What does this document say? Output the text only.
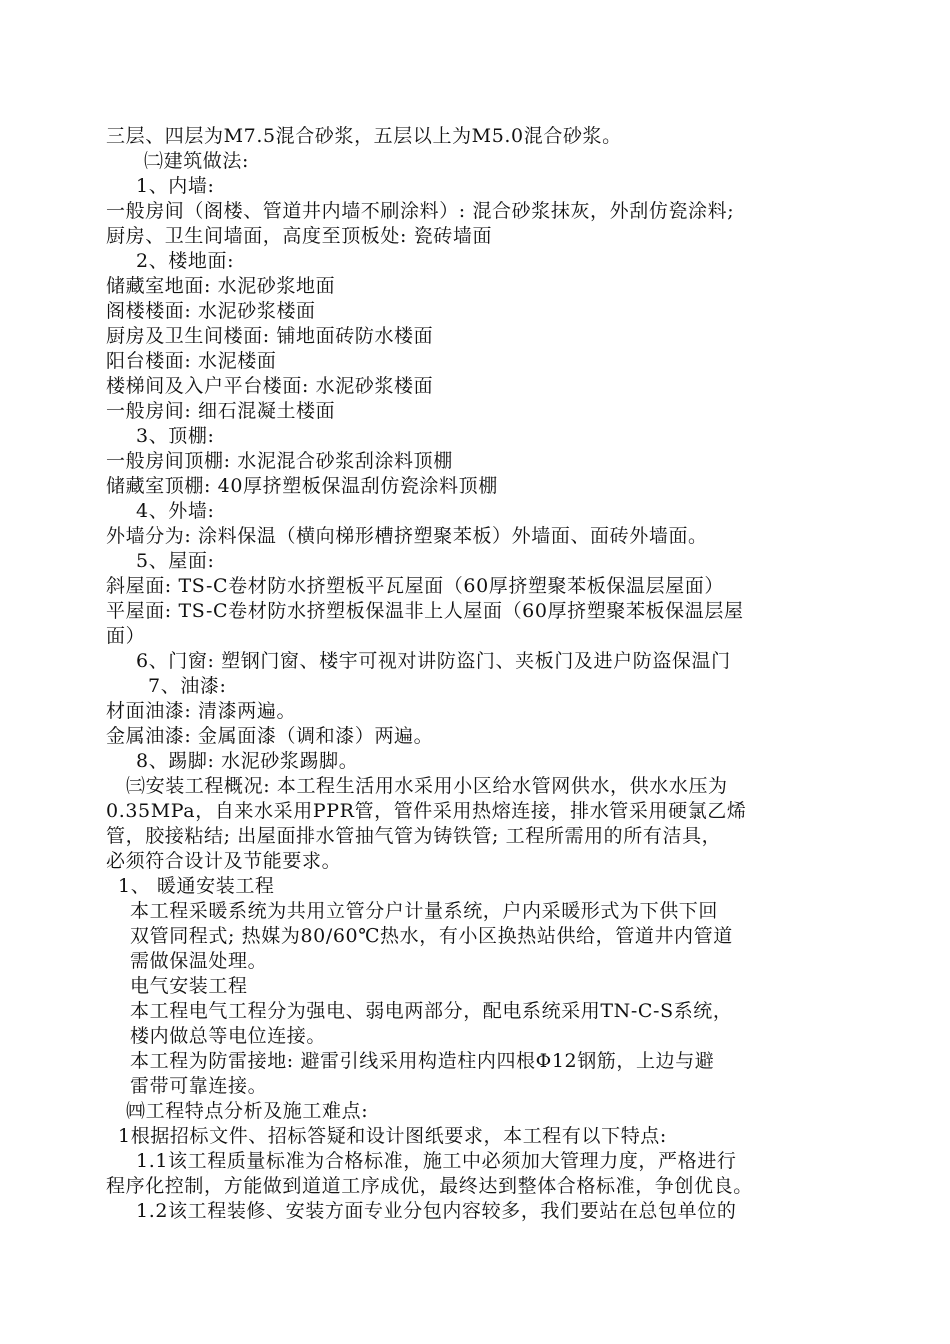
三层、四层为M7.5混合砂浆，五层以上为M5.0混合砂浆。
㈡建筑做法:
1、内墙:
一般房间（阁楼、管道井内墙不刷涂料）: 混合砂浆抹灰，外刮仿瓷涂料;
厨房、卫生间墙面，高度至顶板处: 瓷砖墙面
2、楼地面:
储藏室地面: 水泥砂浆地面
阁楼楼面: 水泥砂浆楼面
厨房及卫生间楼面: 铺地面砖防水楼面
阳台楼面: 水泥楼面
楼梯间及入户平台楼面: 水泥砂浆楼面
一般房间: 细石混凝土楼面
3、顶棚:
一般房间顶棚: 水泥混合砂浆刮涂料顶棚
储藏室顶棚: 40厚挤塑板保温刮仿瓷涂料顶棚
4、外墙:
外墙分为: 涂料保温（横向梯形槽挤塑聚苯板）外墙面、面砖外墙面。
5、屋面:
斜屋面: TS-C卷材防水挤塑板平瓦屋面（60厚挤塑聚苯板保温层屋面）
平屋面: TS-C卷材防水挤塑板保温非上人屋面（60厚挤塑聚苯板保温层屋
面）
6、门窗: 塑钢门窗、楼宇可视对讲防盗门、夹板门及进户防盗保温门
7、油漆:
材面油漆: 清漆两遍。
金属油漆: 金属面漆（调和漆）两遍。
8、踢脚: 水泥砂浆踢脚。
㈢安装工程概况: 本工程生活用水采用小区给水管网供水，供水水压为
0.35MPa，自来水采用PPR管，管件采用热熔连接，排水管采用硬氯乙烯
管，胶接粘结; 出屋面排水管抽气管为铸铁管; 工程所需用的所有洁具，
必须符合设计及节能要求。
1、 暖通安装工程
本工程采暖系统为共用立管分户计量系统，户内采暖形式为下供下回
双管同程式; 热媒为80/60℃热水，有小区换热站供给，管道井内管道
需做保温处理。
电气安装工程
本工程电气工程分为强电、弱电两部分，配电系统采用TN-C-S系统，
楼内做总等电位连接。
本工程为防雷接地: 避雷引线采用构造柱内四根Φ12钢筋，上边与避
雷带可靠连接。
㈣工程特点分析及施工难点:
1根据招标文件、招标答疑和设计图纸要求，本工程有以下特点:
1.1该工程质量标准为合格标准，施工中必须加大管理力度，严格进行
程序化控制，方能做到道道工序成优，最终达到整体合格标准，争创优良。
1.2该工程装修、安装方面专业分包内容较多，我们要站在总包单位的
